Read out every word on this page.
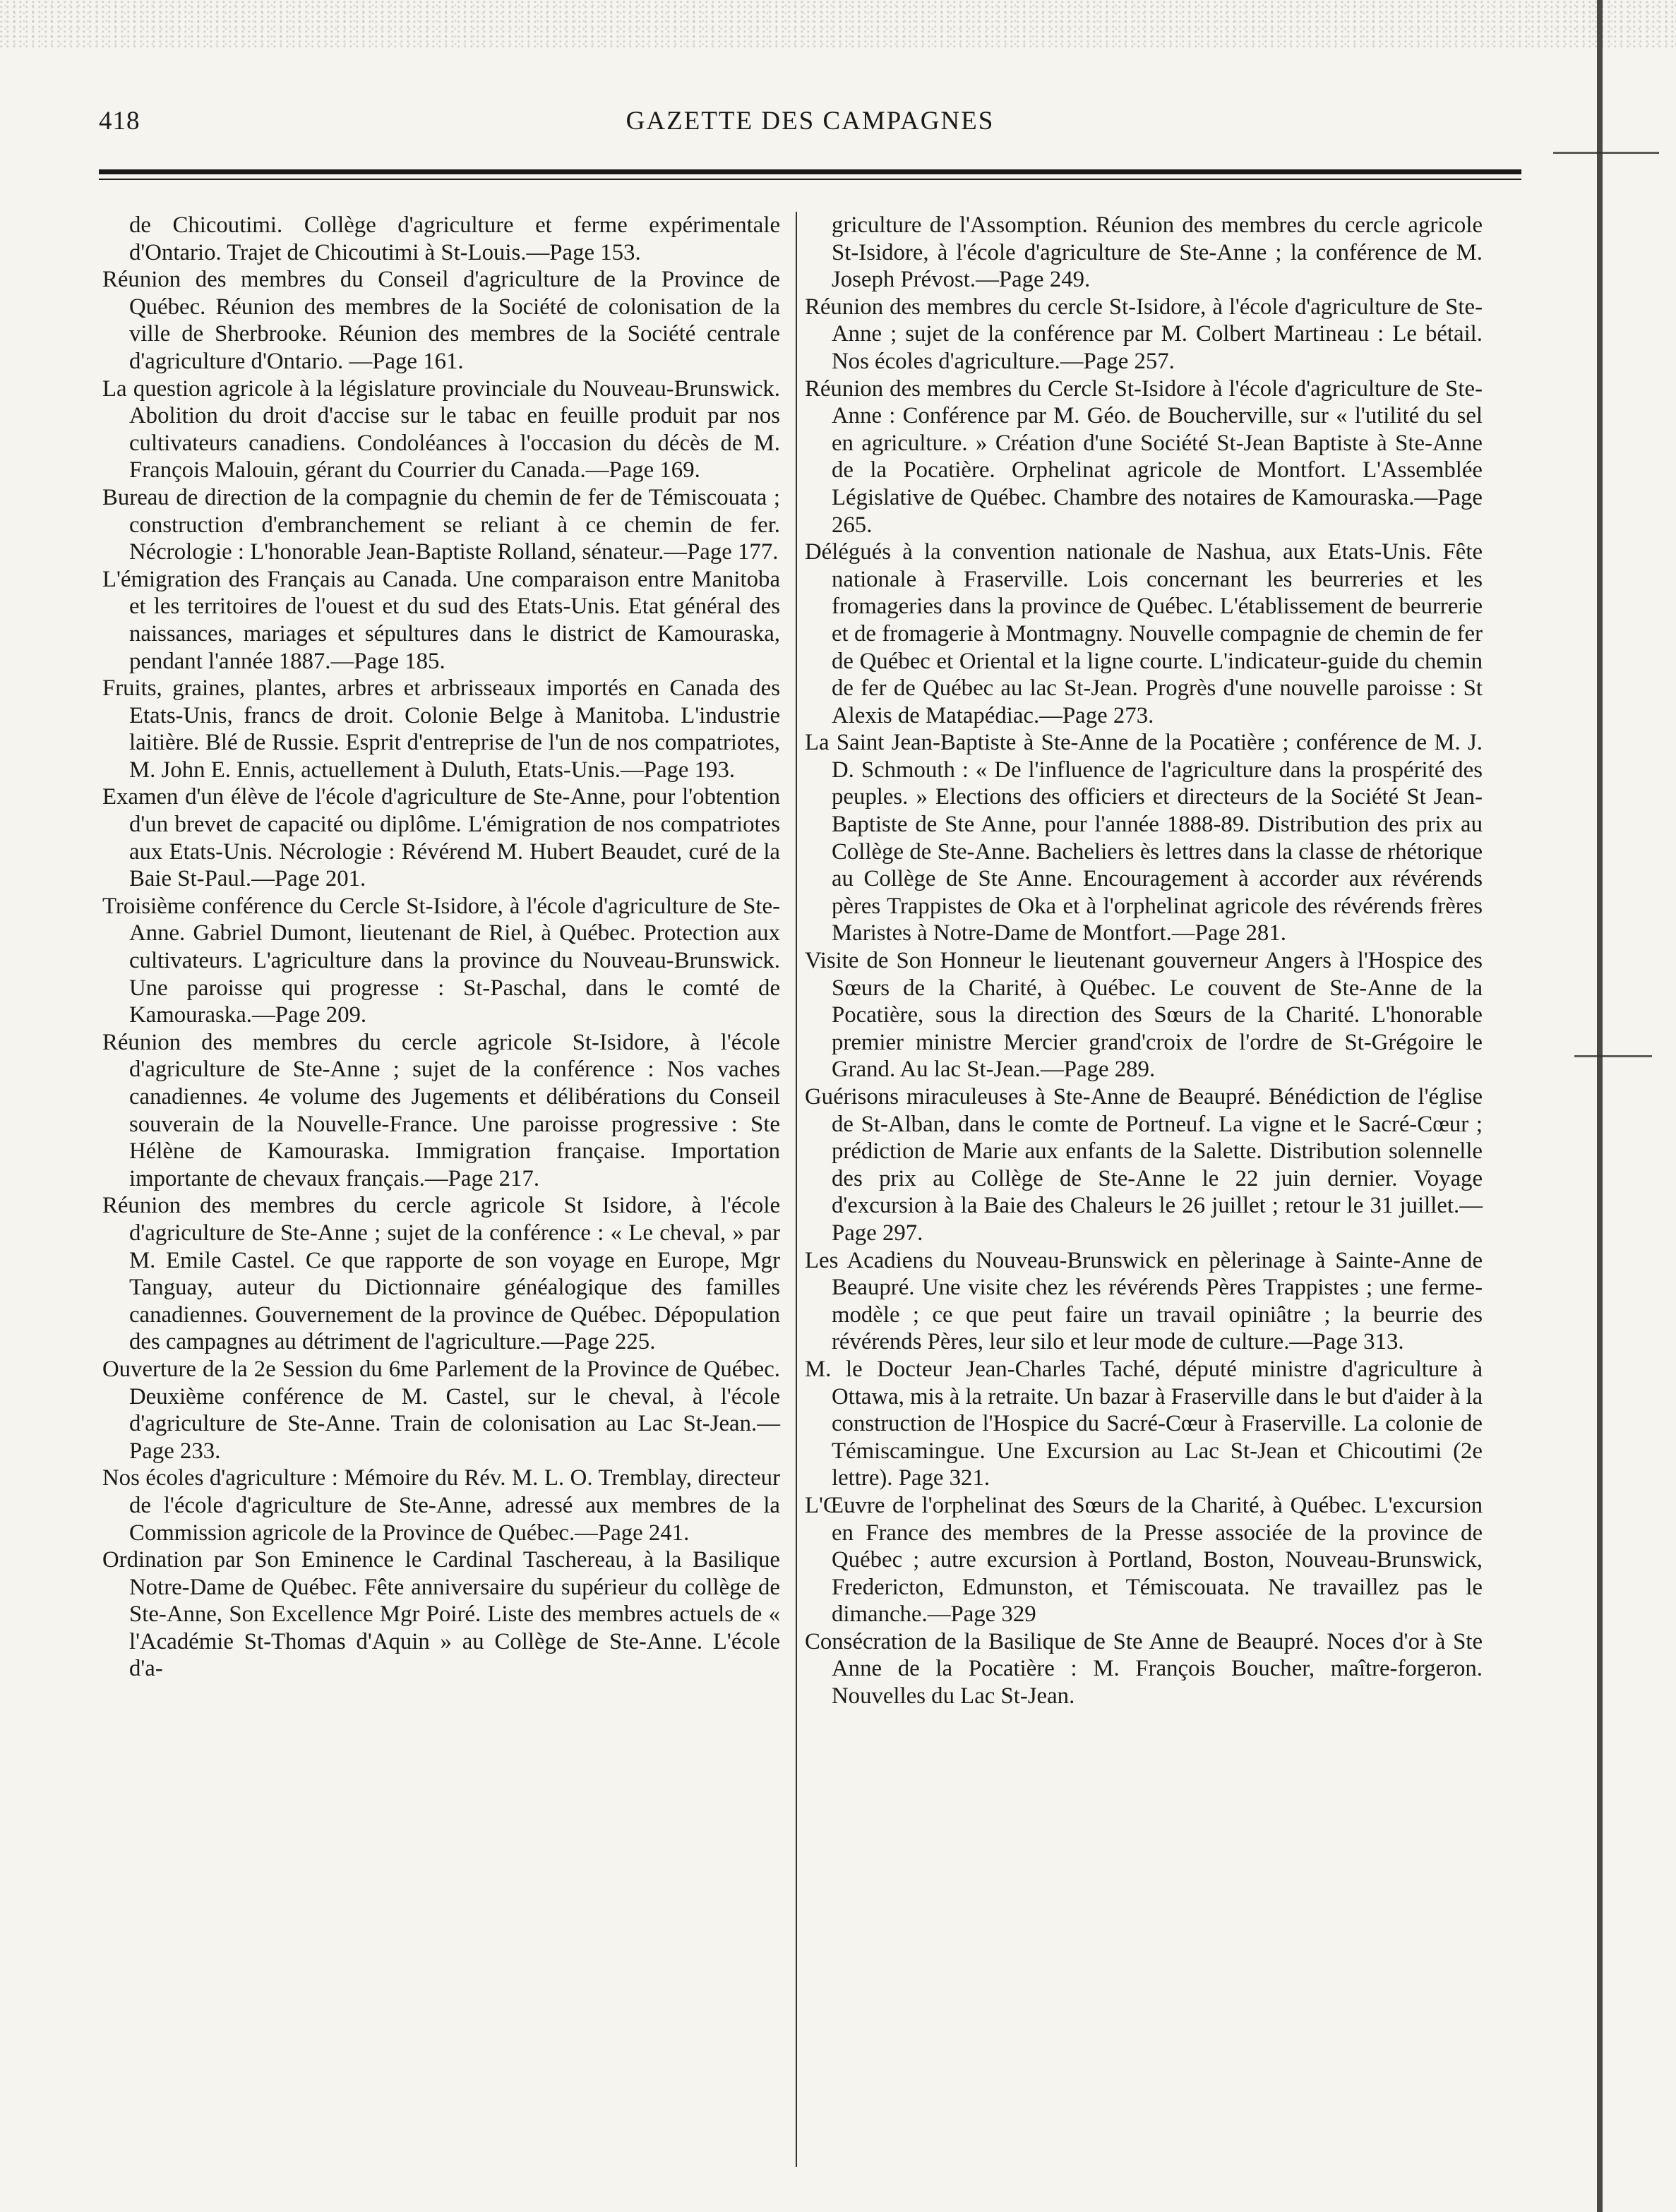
418	GAZETTE DES CAMPAGNES

de Chicoutimi. Collège d'agriculture et ferme expérimentale d'Ontario. Trajet de Chicoutimi à St-Louis.—Page 153.

Réunion des membres du Conseil d'agriculture de la Province de Québec. Réunion des membres de la Société de colonisation de la ville de Sherbrooke. Réunion des membres de la Société centrale d'agriculture d'Ontario. —Page 161.

La question agricole à la législature provinciale du Nouveau-Brunswick. Abolition du droit d'accise sur le tabac en feuille produit par nos cultivateurs canadiens. Condoléances à l'occasion du décès de M. François Malouin, gérant du Courrier du Canada.—Page 169.

Bureau de direction de la compagnie du chemin de fer de Témiscouata ; construction d'embranchement se reliant à ce chemin de fer. Nécrologie : L'honorable Jean-Baptiste Rolland, sénateur.—Page 177.

L'émigration des Français au Canada. Une comparaison entre Manitoba et les territoires de l'ouest et du sud des Etats-Unis. Etat général des naissances, mariages et sépultures dans le district de Kamouraska, pendant l'année 1887.—Page 185.

Fruits, graines, plantes, arbres et arbrisseaux importés en Canada des Etats-Unis, francs de droit. Colonie Belge à Manitoba. L'industrie laitière. Blé de Russie. Esprit d'entreprise de l'un de nos compatriotes, M. John E. Ennis, actuellement à Duluth, Etats-Unis.—Page 193.

Examen d'un élève de l'école d'agriculture de Ste-Anne, pour l'obtention d'un brevet de capacité ou diplôme. L'émigration de nos compatriotes aux Etats-Unis. Nécrologie : Révérend M. Hubert Beaudet, curé de la Baie St-Paul.—Page 201.

Troisième conférence du Cercle St-Isidore, à l'école d'agriculture de Ste-Anne. Gabriel Dumont, lieutenant de Riel, à Québec. Protection aux cultivateurs. L'agriculture dans la province du Nouveau-Brunswick. Une paroisse qui progresse : St-Paschal, dans le comté de Kamouraska.—Page 209.

Réunion des membres du cercle agricole St-Isidore, à l'école d'agriculture de Ste-Anne ; sujet de la conférence : Nos vaches canadiennes. 4e volume des Jugements et délibérations du Conseil souverain de la Nouvelle-France. Une paroisse progressive : Ste Hélène de Kamouraska. Immigration française. Importation importante de chevaux français.—Page 217.

Réunion des membres du cercle agricole St Isidore, à l'école d'agriculture de Ste-Anne ; sujet de la conférence : « Le cheval, » par M. Emile Castel. Ce que rapporte de son voyage en Europe, Mgr Tanguay, auteur du Dictionnaire généalogique des familles canadiennes. Gouvernement de la province de Québec. Dépopulation des campagnes au détriment de l'agriculture.—Page 225.

Ouverture de la 2e Session du 6me Parlement de la Province de Québec. Deuxième conférence de M. Castel, sur le cheval, à l'école d'agriculture de Ste-Anne. Train de colonisation au Lac St-Jean.—Page 233.

Nos écoles d'agriculture : Mémoire du Rév. M. L. O. Tremblay, directeur de l'école d'agriculture de Ste-Anne, adressé aux membres de la Commission agricole de la Province de Québec.—Page 241.

Ordination par Son Eminence le Cardinal Taschereau, à la Basilique Notre-Dame de Québec. Fête anniversaire du supérieur du collège de Ste-Anne, Son Excellence Mgr Poiré. Liste des membres actuels de « l'Académie St-Thomas d'Aquin » au Collège de Ste-Anne. L'école d'a-

griculture de l'Assomption. Réunion des membres du cercle agricole St-Isidore, à l'école d'agriculture de Ste-Anne ; la conférence de M. Joseph Prévost.—Page 249.

Réunion des membres du cercle St-Isidore, à l'école d'agriculture de Ste-Anne ; sujet de la conférence par M. Colbert Martineau : Le bétail. Nos écoles d'agriculture.—Page 257.

Réunion des membres du Cercle St-Isidore à l'école d'agriculture de Ste-Anne : Conférence par M. Géo. de Boucherville, sur « l'utilité du sel en agriculture. » Création d'une Société St-Jean Baptiste à Ste-Anne de la Pocatière. Orphelinat agricole de Montfort. L'Assemblée Législative de Québec. Chambre des notaires de Kamouraska.—Page 265.

Délégués à la convention nationale de Nashua, aux Etats-Unis. Fête nationale à Fraserville. Lois concernant les beurreries et les fromageries dans la province de Québec. L'établissement de beurrerie et de fromagerie à Montmagny. Nouvelle compagnie de chemin de fer de Québec et Oriental et la ligne courte. L'indicateur-guide du chemin de fer de Québec au lac St-Jean. Progrès d'une nouvelle paroisse : St Alexis de Matapédiac.—Page 273.

La Saint Jean-Baptiste à Ste-Anne de la Pocatière ; conférence de M. J. D. Schmouth : « De l'influence de l'agriculture dans la prospérité des peuples. » Elections des officiers et directeurs de la Société St Jean-Baptiste de Ste Anne, pour l'année 1888-89. Distribution des prix au Collège de Ste-Anne. Bacheliers ès lettres dans la classe de rhétorique au Collège de Ste Anne. Encouragement à accorder aux révérends pères Trappistes de Oka et à l'orphelinat agricole des révérends frères Maristes à Notre-Dame de Montfort.—Page 281.

Visite de Son Honneur le lieutenant gouverneur Angers à l'Hospice des Sœurs de la Charité, à Québec. Le couvent de Ste-Anne de la Pocatière, sous la direction des Sœurs de la Charité. L'honorable premier ministre Mercier grand'croix de l'ordre de St-Grégoire le Grand. Au lac St-Jean.—Page 289.

Guérisons miraculeuses à Ste-Anne de Beaupré. Bénédiction de l'église de St-Alban, dans le comte de Portneuf. La vigne et le Sacré-Cœur ; prédiction de Marie aux enfants de la Salette. Distribution solennelle des prix au Collège de Ste-Anne le 22 juin dernier. Voyage d'excursion à la Baie des Chaleurs le 26 juillet ; retour le 31 juillet.—Page 297.

Les Acadiens du Nouveau-Brunswick en pèlerinage à Sainte-Anne de Beaupré. Une visite chez les révérends Pères Trappistes ; une ferme-modèle ; ce que peut faire un travail opiniâtre ; la beurrie des révérends Pères, leur silo et leur mode de culture.—Page 313.

M. le Docteur Jean-Charles Taché, député ministre d'agriculture à Ottawa, mis à la retraite. Un bazar à Fraserville dans le but d'aider à la construction de l'Hospice du Sacré-Cœur à Fraserville. La colonie de Témiscamingue. Une Excursion au Lac St-Jean et Chicoutimi (2e lettre). Page 321.

L'Œuvre de l'orphelinat des Sœurs de la Charité, à Québec. L'excursion en France des membres de la Presse associée de la province de Québec ; autre excursion à Portland, Boston, Nouveau-Brunswick, Fredericton, Edmunston, et Témiscouata. Ne travaillez pas le dimanche.—Page 329

Consécration de la Basilique de Ste Anne de Beaupré. Noces d'or à Ste Anne de la Pocatière : M. François Boucher, maître-forgeron. Nouvelles du Lac St-Jean.
